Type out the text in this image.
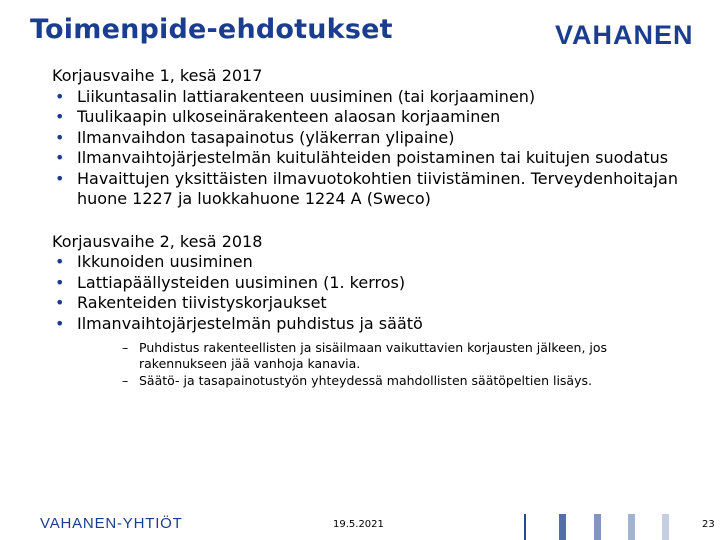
Toimenpide-ehdotukset	VAHANEN

Korjausvaihe 1, kesä 2017

• Liikuntasalin lattiarakenteen uusiminen (tai korjaaminen)
• Tuulikaapin ulkoseinärakenteen alaosan korjaaminen
• Ilmanvaihdon tasapainotus (yläkerran ylipaine)
• Ilmanvaihtojärjestelmän kuitulähteiden poistaminen tai kuitujen suodatus
• Havaittujen yksittäisten ilmavuotokohtien tiivistäminen. Terveydenhoitajan huone 1227 ja luokkahuone 1224 A (Sweco)

Korjausvaihe 2, kesä 2018

• Ikkunoiden uusiminen
• Lattiapäällysteiden uusiminen (1. kerros)
• Rakenteiden tiivistyskorjaukset
• Ilmanvaihtojärjestelmän puhdistus ja säätö
– Puhdistus rakenteellisten ja sisäilmaan vaikuttavien korjausten jälkeen, jos rakennukseen jää vanhoja kanavia.
– Säätö- ja tasapainotustyön yhteydessä mahdollisten säätöpeltien lisäys.
VAHANEN-YHTIÖT	19.5.2021	23
